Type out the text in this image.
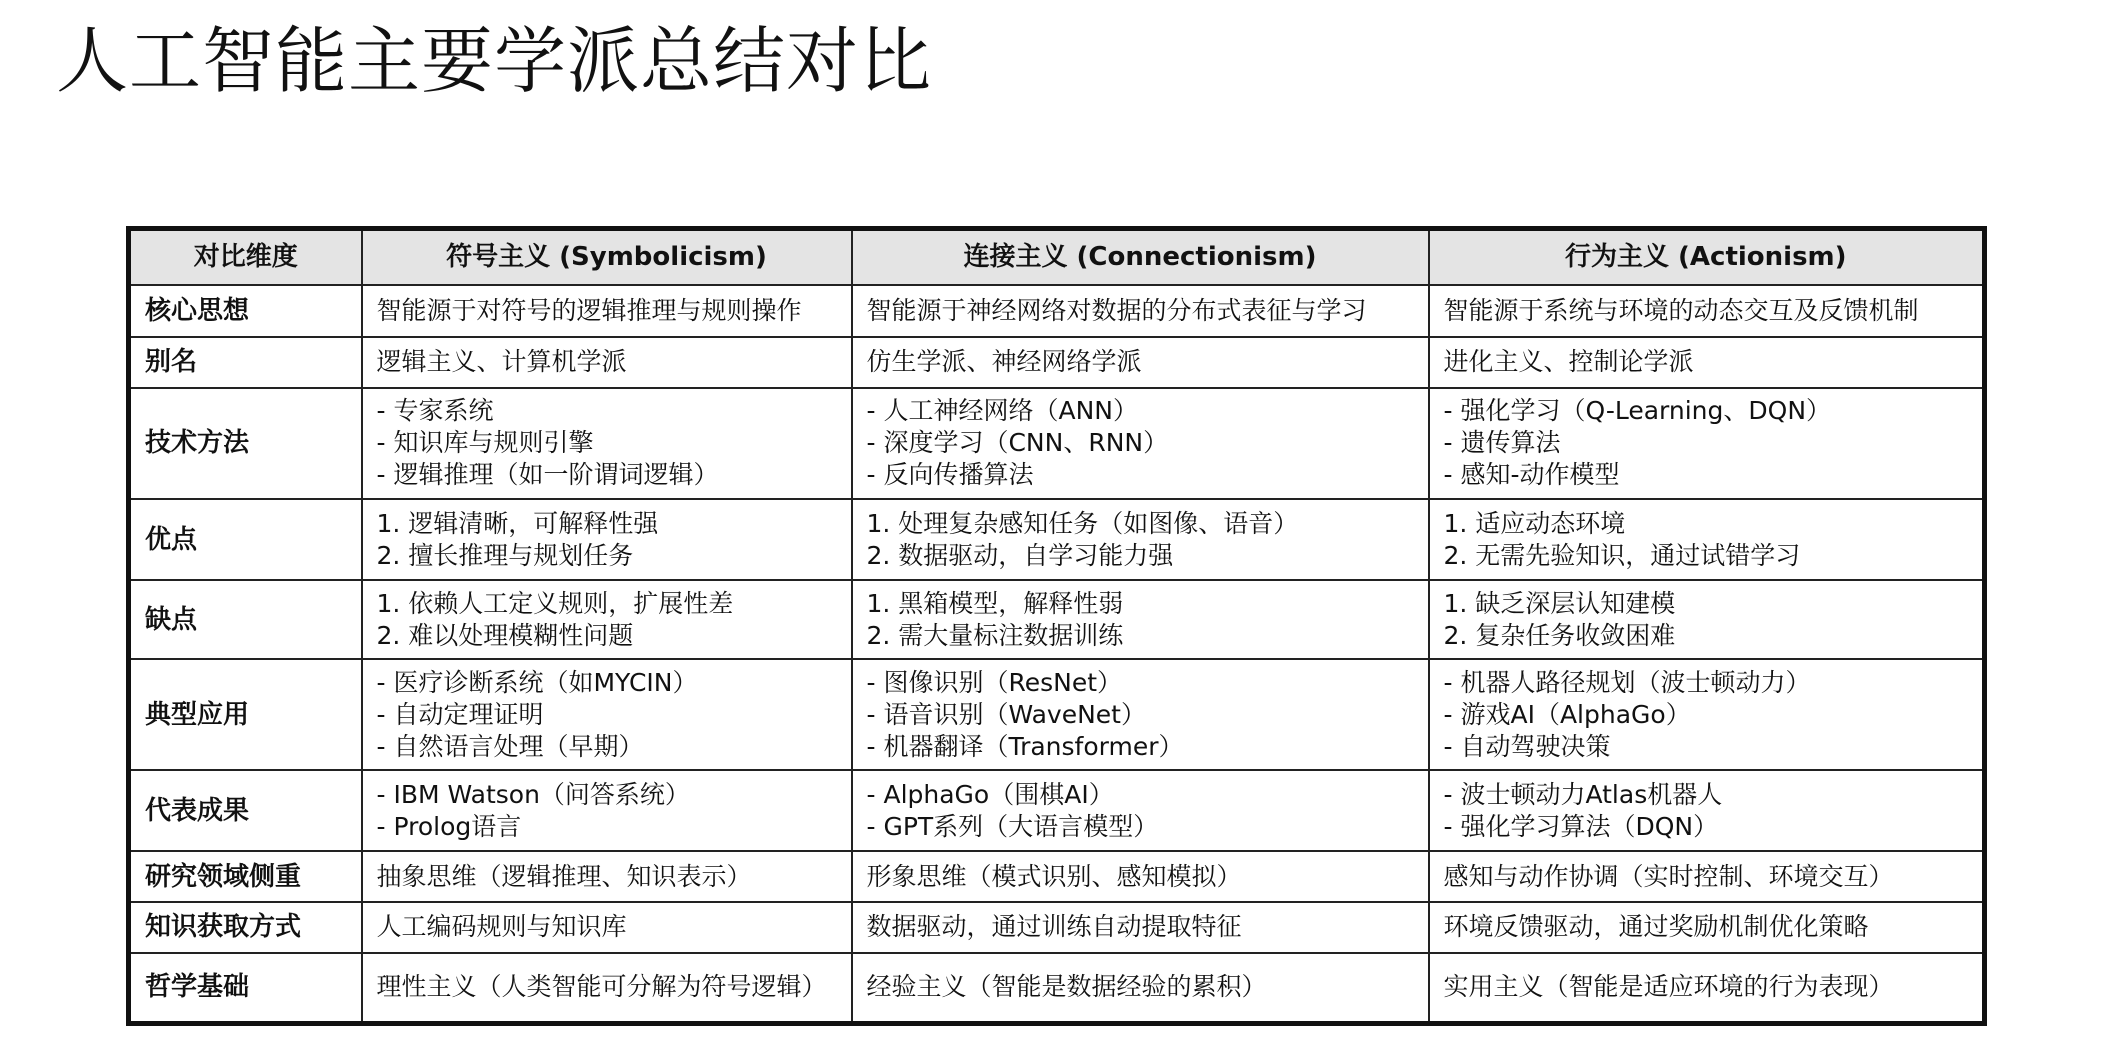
人工智能主要学派总结对比
对比维度	符号主义 (Symbolicism)	连接主义 (Connectionism)	行为主义 (Actionism)
核心思想	智能源于对符号的逻辑推理与规则操作	智能源于神经网络对数据的分布式表征与学习	智能源于系统与环境的动态交互及反馈机制

别名	逻辑主义、计算机学派	仿生学派、神经网络学派	进化主义、控制论学派

技术方法	- 专家系统
- 知识库与规则引擎
- 逻辑推理（如一阶谓词逻辑）	- 人工神经网络（ANN）
- 深度学习（CNN、RNN）
- 反向传播算法	- 强化学习（Q-Learning、DQN）
- 遗传算法
- 感知-动作模型

优点	1. 逻辑清晰，可解释性强
2. 擅长推理与规划任务	1. 处理复杂感知任务（如图像、语音）
2. 数据驱动，自学习能力强	1. 适应动态环境
2. 无需先验知识，通过试错学习

缺点	1. 依赖人工定义规则，扩展性差
2. 难以处理模糊性问题	1. 黑箱模型，解释性弱
2. 需大量标注数据训练	1. 缺乏深层认知建模
2. 复杂任务收敛困难

典型应用	- 医疗诊断系统（如MYCIN）
- 自动定理证明
- 自然语言处理（早期）	- 图像识别（ResNet）
- 语音识别（WaveNet）
- 机器翻译（Transformer）	- 机器人路径规划（波士顿动力）
- 游戏AI（AlphaGo）
- 自动驾驶决策

代表成果	- IBM Watson（问答系统）
- Prolog语言	- AlphaGo（围棋AI）
- GPT系列（大语言模型）	- 波士顿动力Atlas机器人
- 强化学习算法（DQN）

研究领域侧重	抽象思维（逻辑推理、知识表示）	形象思维（模式识别、感知模拟）	感知与动作协调（实时控制、环境交互）

知识获取方式	人工编码规则与知识库	数据驱动，通过训练自动提取特征	环境反馈驱动，通过奖励机制优化策略

哲学基础	理性主义（人类智能可分解为符号逻辑）	经验主义（智能是数据经验的累积）	实用主义（智能是适应环境的行为表现）
